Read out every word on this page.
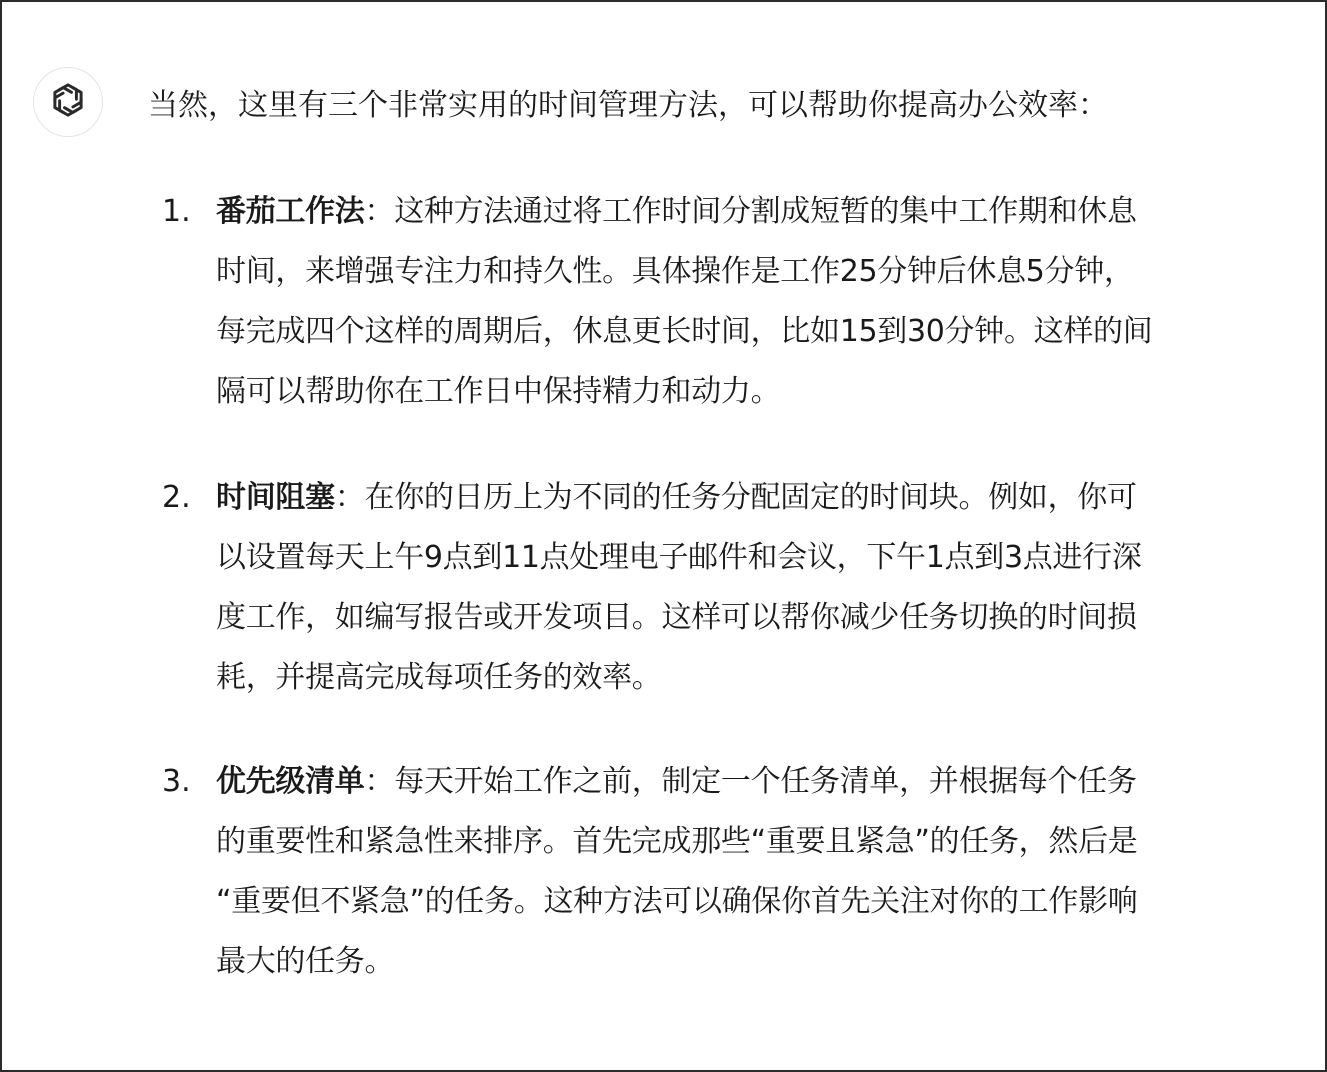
当然，这里有三个非常实用的时间管理方法，可以帮助你提高办公效率：
1. 番茄工作法：这种方法通过将工作时间分割成短暂的集中工作期和休息
时间，来增强专注力和持久性。具体操作是工作25分钟后休息5分钟，
每完成四个这样的周期后，休息更长时间，比如15到30分钟。这样的间
隔可以帮助你在工作日中保持精力和动力。
2. 时间阻塞：在你的日历上为不同的任务分配固定的时间块。例如，你可
以设置每天上午9点到11点处理电子邮件和会议，下午1点到3点进行深
度工作，如编写报告或开发项目。这样可以帮你减少任务切换的时间损
耗，并提高完成每项任务的效率。
3. 优先级清单：每天开始工作之前，制定一个任务清单，并根据每个任务
的重要性和紧急性来排序。首先完成那些“重要且紧急”的任务，然后是
“重要但不紧急”的任务。这种方法可以确保你首先关注对你的工作影响
最大的任务。
